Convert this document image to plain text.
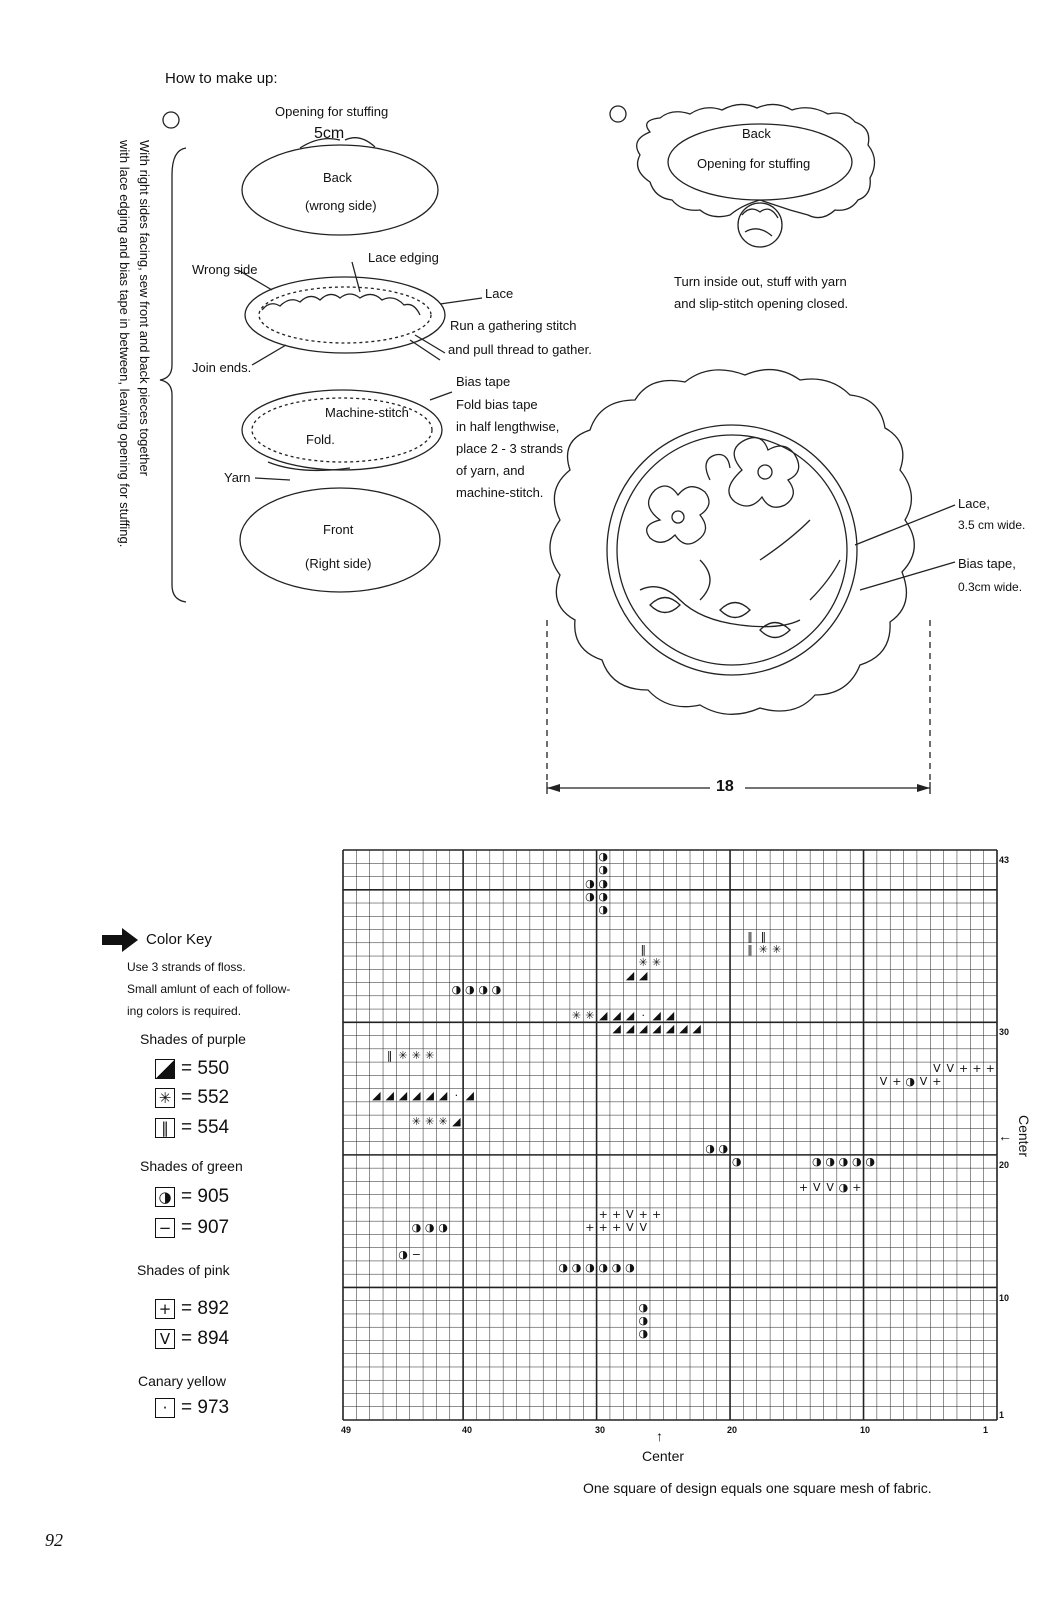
How to make up:
Opening for stuffing
5cm
Back
(wrong side)
Wrong side
Lace edging
Lace
Run a gathering stitch
and pull thread to gather.
Join ends.
Machine-stitch
Fold.
Yarn
Bias tape
Fold bias tape
in half lengthwise,
place 2 - 3 strands
of yarn, and
machine-stitch.
Front
(Right side)
with lace edging and bias tape in between, leaving opening for stuffing. With right sides facing, sew front and back pieces together
Back
Opening for stuffing
Turn inside out, stuff with yarn
and slip-stitch opening closed.
Lace,
3.5 cm wide.
Bias tape,
0.3cm wide.
18
Color Key
Use 3 strands of floss.
Small amlunt of each of follow-
ing colors is required.
Shades of purple
= 550
✳ = 552
‖ = 554
Shades of green
◑ = 905
− = 907
Shades of pink
+ = 892
V = 894
Canary yellow
· = 973
◑
◑
◑ ◑
◑ ◑
◑
‖
✳ ✳
◢ ◢
‖ ‖
‖ ✳ ✳
✳ ✳ ◢ ◢ ◢ · ◢ ◢
◢ ◢ ◢ ◢ ◢ ◢ ◢
◢ ◢ ◢ ◢ ◢ ◢ · ◢
✳ ✳ ✳ ◢
‖ ✳ ✳ ✳
V V + + +
V + ◑ V +
◑ ◑ ◑ ◑ ◑
+ V V ◑ +
+ + V + +
+ + + V V
◑ ◑ ◑ ◑ ◑ ◑
◑
◑
◑
◑ ◑ ◑
◑ −
◑ ◑ ◑ ◑
◑ ◑
◑
49	40	30	20	10	1
43
30
20
10
1
↑
Center
← Center
One square of design equals one square mesh of fabric.
92
